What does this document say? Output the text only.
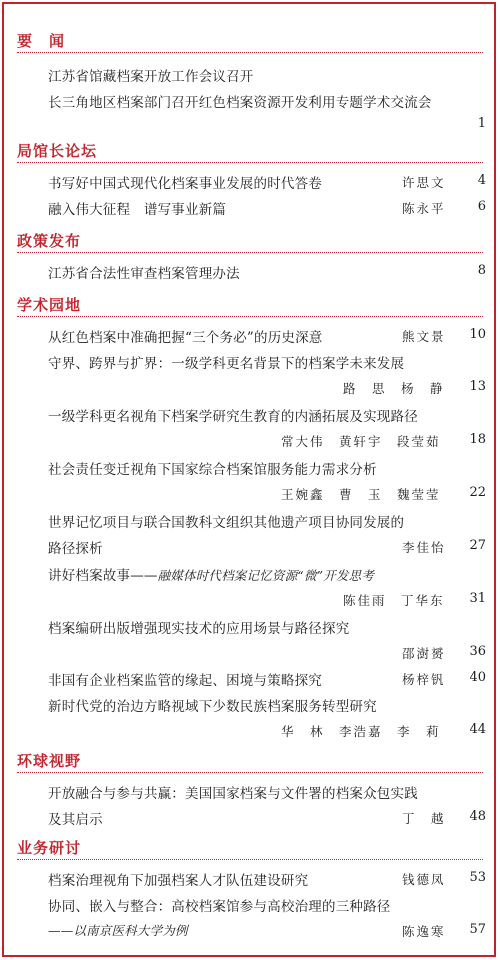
要　闻
江苏省馆藏档案开放工作会议召开
长三角地区档案部门召开红色档案资源开发利用专题学术交流会
1
局馆长论坛
书写好中国式现代化档案事业发展的时代答卷	许思文	4
融入伟大征程　谱写事业新篇	陈永平	6
政策发布
江苏省合法性审查档案管理办法	8
学术园地
从红色档案中准确把握“三个务必”的历史深意	熊文景	10
守界、跨界与扩界：一级学科更名背景下的档案学未来发展
路　思　杨　静	13
一级学科更名视角下档案学研究生教育的内涵拓展及实现路径
常大伟　黄轩宇　段莹茹	18
社会责任变迁视角下国家综合档案馆服务能力需求分析
王婉鑫　曹　玉　魏莹莹	22
世界记忆项目与联合国教科文组织其他遗产项目协同发展的
路径探析	李佳怡	27
讲好档案故事——融媒体时代档案记忆资源“微”开发思考
陈佳雨　丁华东	31
档案编研出版增强现实技术的应用场景与路径探究
邵澍赟	36
非国有企业档案监管的缘起、困境与策略探究	杨梓钒	40
新时代党的治边方略视域下少数民族档案服务转型研究
华　林　李浩嘉　李　莉	44
环球视野
开放融合与参与共赢：美国国家档案与文件署的档案众包实践
及其启示	丁　越	48
业务研讨
档案治理视角下加强档案人才队伍建设研究	钱德凤	53
协同、嵌入与整合：高校档案馆参与高校治理的三种路径
——以南京医科大学为例	陈逸寒	57
